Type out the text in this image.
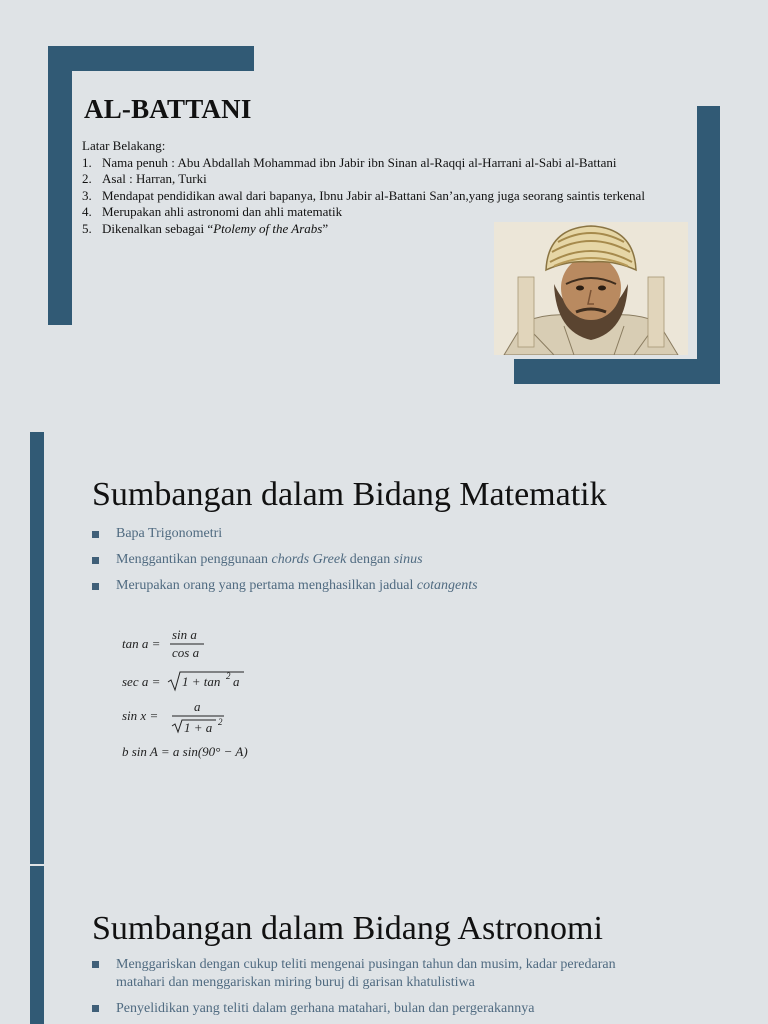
AL-BATTANI
Latar Belakang:
1. Nama penuh : Abu Abdallah Mohammad ibn Jabir ibn Sinan al-Raqqi al-Harrani al-Sabi al-Battani
2. Asal : Harran, Turki
3. Mendapat pendidikan awal dari bapanya, Ibnu Jabir al-Battani San’an,yang juga seorang saintis terkenal
4. Merupakan ahli astronomi dan ahli matematik
5. Dikenalkan sebagai “Ptolemy of the Arabs”
Sumbangan dalam Bidang Matematik
Bapa Trigonometri
Menggantikan penggunaan chords Greek dengan sinus
Merupakan orang yang pertama menghasilkan jadual cotangents
tan a =
sin a
cos a
sec a = 1 + tan 2 a
sin x =
a
1 + a 2
b sin A = a sin(90° − A)
Sumbangan dalam Bidang Astronomi
Menggariskan dengan cukup teliti mengenai pusingan tahun dan musim, kadar peredaran matahari dan menggariskan miring buruj di garisan khatulistiwa
Penyelidikan yang teliti dalam gerhana matahari, bulan dan pergerakannya
